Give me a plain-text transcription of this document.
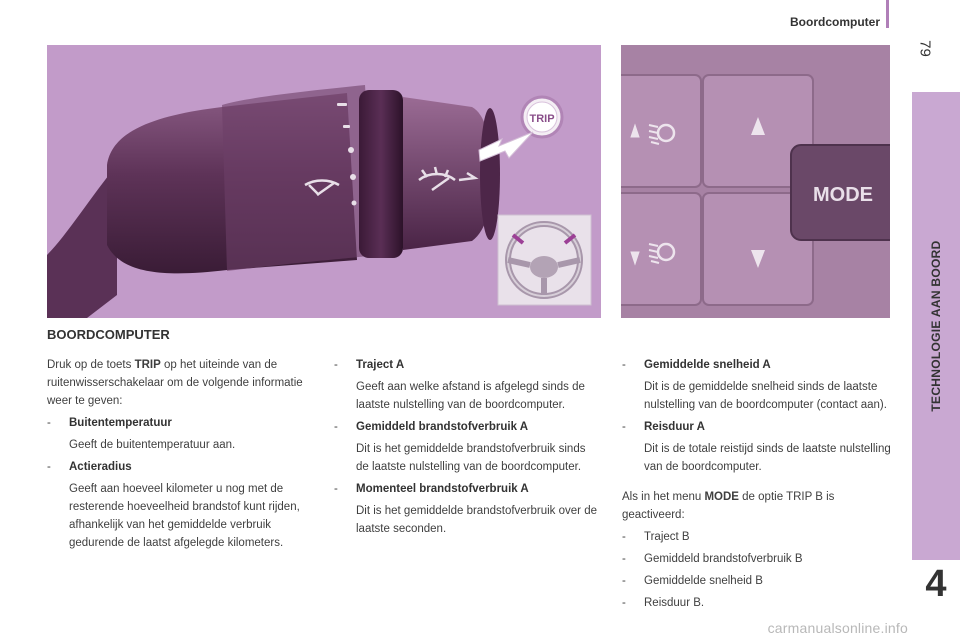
Boordcomputer
79
TECHNOLOGIE AAN BOORD
4
TRIP
MODE
BOORDCOMPUTER

Druk op de toets TRIP op het uiteinde van de ruitenwisserschakelaar om de volgende informatie weer te geven:

- Buitentemperatuur

Geeft de buitentemperatuur aan.

- Actieradius

Geeft aan hoeveel kilometer u nog met de resterende hoeveelheid brandstof kunt rijden, afhankelijk van het gemiddelde verbruik gedurende de laatst afgelegde kilometers.

- Traject A

Geeft aan welke afstand is afgelegd sinds de laatste nulstelling van de boordcomputer.

- Gemiddeld brandstofverbruik A

Dit is het gemiddelde brandstofverbruik sinds de laatste nulstelling van de boordcomputer.

- Momenteel brandstofverbruik A

Dit is het gemiddelde brandstofverbruik over de laatste seconden.

- Gemiddelde snelheid A

Dit is de gemiddelde snelheid sinds de laatste nulstelling van de boordcomputer (contact aan).

- Reisduur A

Dit is de totale reistijd sinds de laatste nulstelling van de boordcomputer.

Als in het menu MODE de optie TRIP B is geactiveerd:

- Traject B
- Gemiddeld brandstofverbruik B
- Gemiddelde snelheid B
- Reisduur B.
carmanualsonline.info
